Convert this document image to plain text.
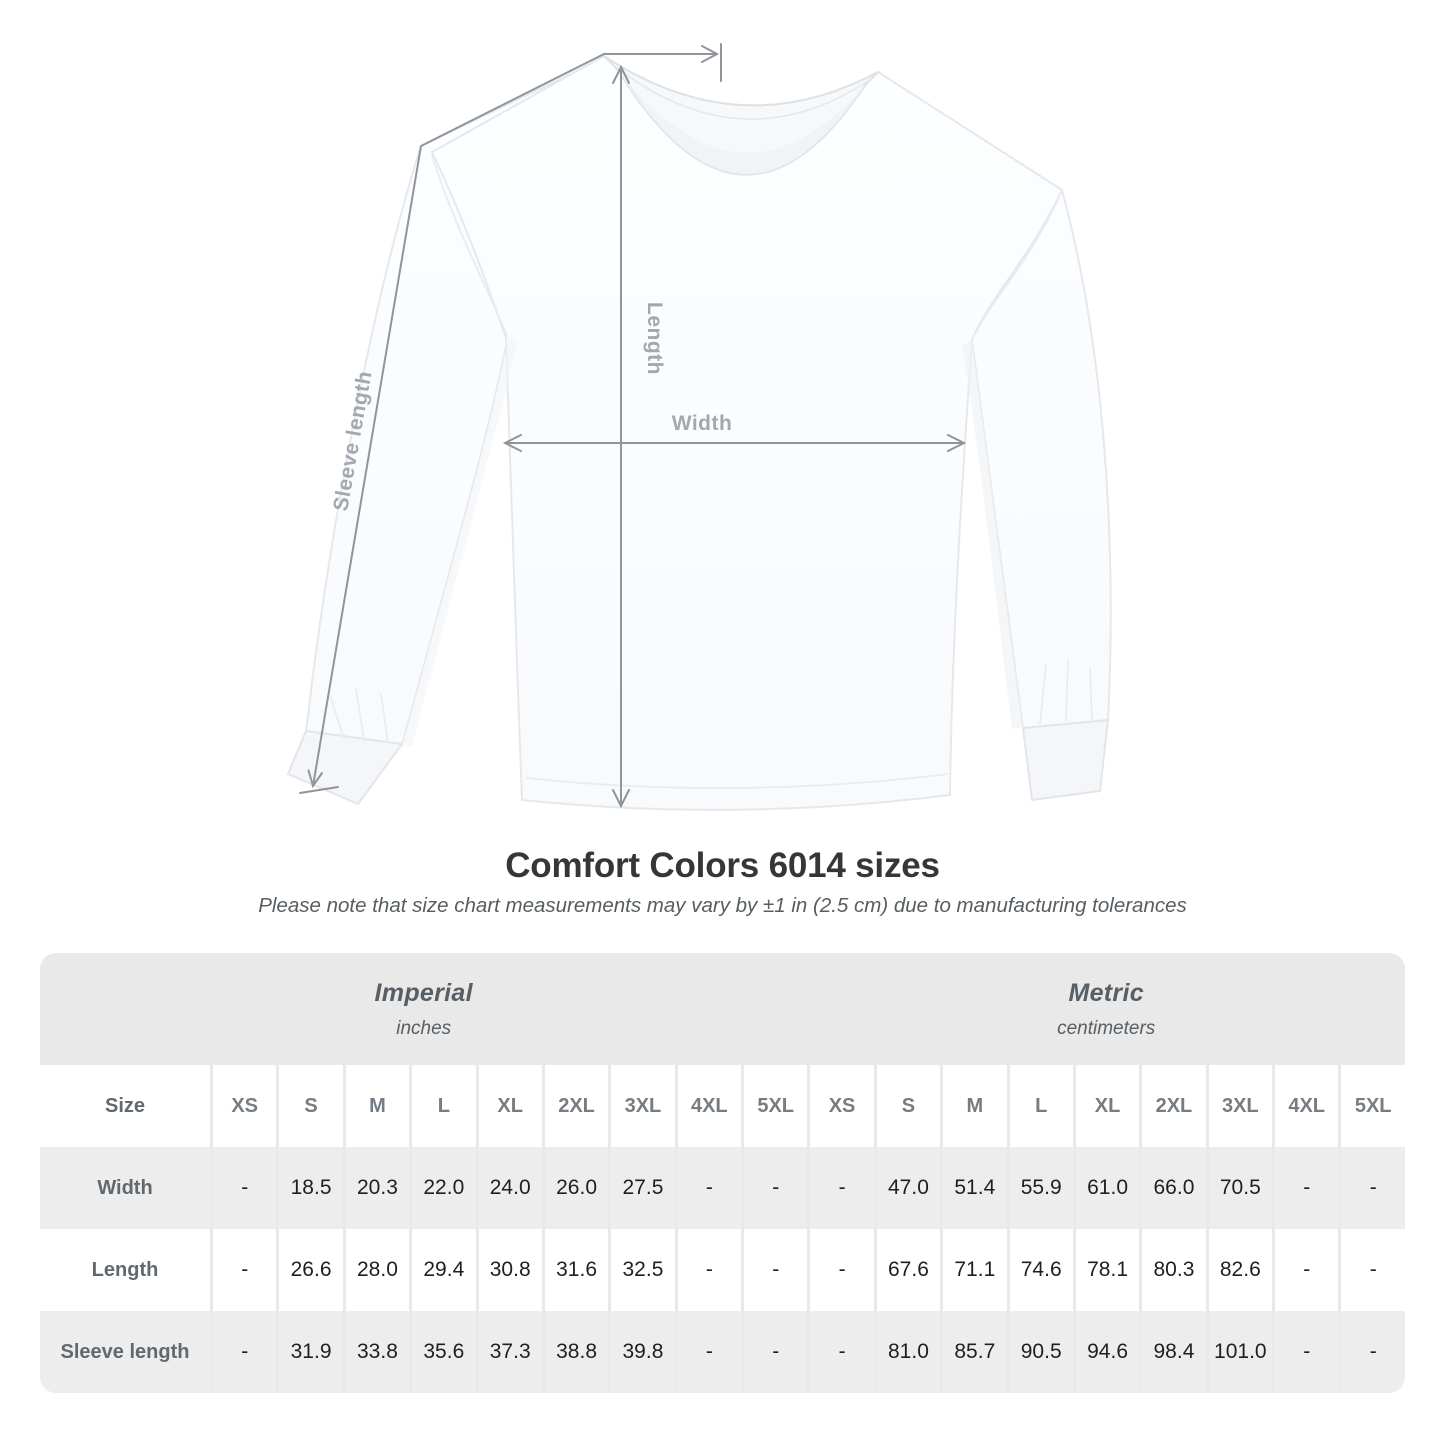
Length
Width
Sleeve length
Comfort Colors 6014 sizes
Please note that size chart measurements may vary by ±1 in (2.5 cm) due to manufacturing tolerances
Imperial
inches

Metric
centimeters

Size	XS	S	M	L	XL	2XL	3XL	4XL	5XL	XS	S	M	L	XL	2XL	3XL	4XL	5XL
Width	-	18.5	20.3	22.0	24.0	26.0	27.5	-	-	-	47.0	51.4	55.9	61.0	66.0	70.5	-	-
Length	-	26.6	28.0	29.4	30.8	31.6	32.5	-	-	-	67.6	71.1	74.6	78.1	80.3	82.6	-	-
Sleeve length	-	31.9	33.8	35.6	37.3	38.8	39.8	-	-	-	81.0	85.7	90.5	94.6	98.4	101.0	-	-
